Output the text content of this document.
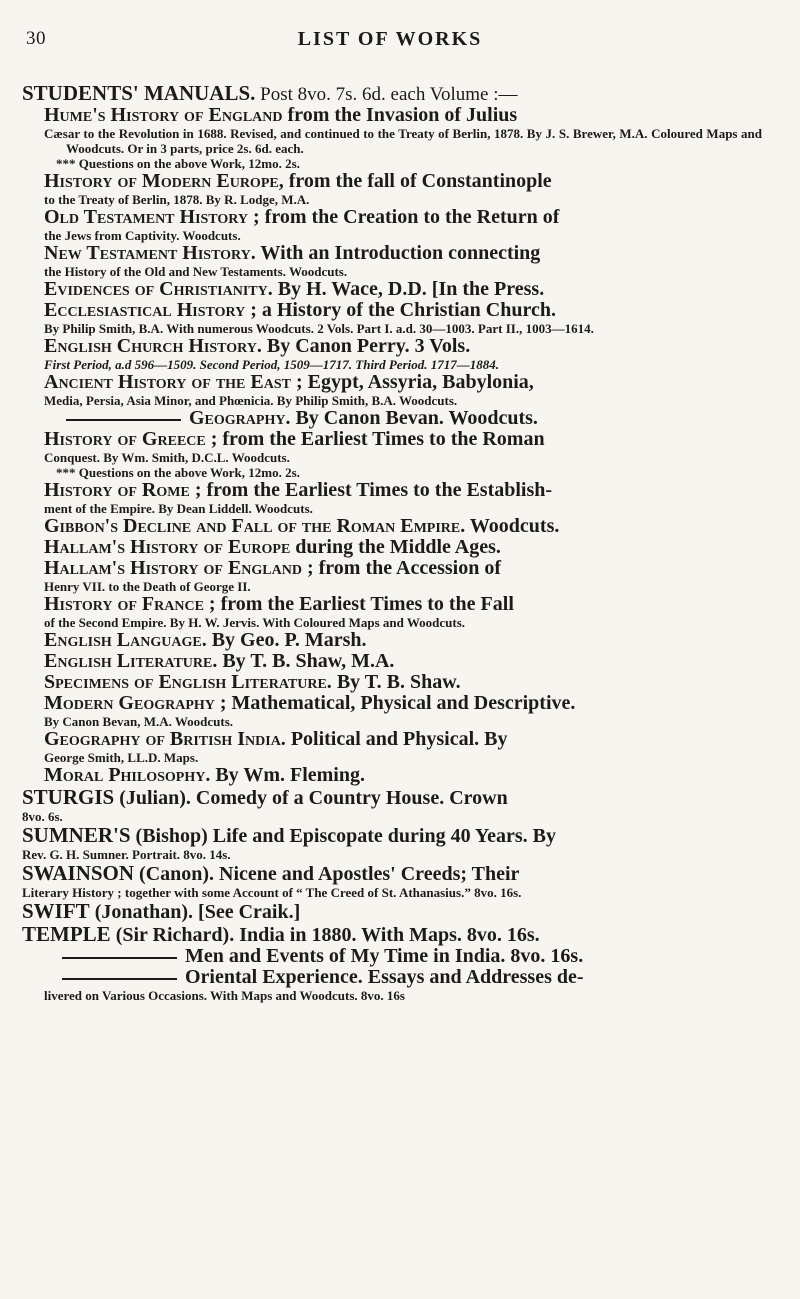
30	LIST OF WORKS

STUDENTS' MANUALS. Post 8vo. 7s. 6d. each Volume :—

Hume's History of England from the Invasion of Julius
Cæsar to the Revolution in 1688. Revised, and continued to the Treaty of Berlin, 1878. By J. S. Brewer, M.A. Coloured Maps and Woodcuts. Or in 3 parts, price 2s. 6d. each.
*** Questions on the above Work, 12mo. 2s.

History of Modern Europe, from the fall of Constantinople
to the Treaty of Berlin, 1878. By R. Lodge, M.A.

Old Testament History ; from the Creation to the Return of
the Jews from Captivity. Woodcuts.

New Testament History. With an Introduction connecting
the History of the Old and New Testaments. Woodcuts.

Evidences of Christianity. By H. Wace, D.D. [In the Press.

Ecclesiastical History ; a History of the Christian Church.
By Philip Smith, B.A. With numerous Woodcuts. 2 Vols. Part I. a.d. 30—1003. Part II., 1003—1614.

English Church History. By Canon Perry. 3 Vols.
First Period, a.d 596—1509. Second Period, 1509—1717. Third Period. 1717—1884.

Ancient History of the East ; Egypt, Assyria, Babylonia,
Media, Persia, Asia Minor, and Phœnicia. By Philip Smith, B.A. Woodcuts.

Geography. By Canon Bevan. Woodcuts.

History of Greece ; from the Earliest Times to the Roman
Conquest. By Wm. Smith, D.C.L. Woodcuts.
*** Questions on the above Work, 12mo. 2s.

History of Rome ; from the Earliest Times to the Establish-
ment of the Empire. By Dean Liddell. Woodcuts.

Gibbon's Decline and Fall of the Roman Empire. Woodcuts.

Hallam's History of Europe during the Middle Ages.

Hallam's History of England ; from the Accession of
Henry VII. to the Death of George II.

History of France ; from the Earliest Times to the Fall
of the Second Empire. By H. W. Jervis. With Coloured Maps and Woodcuts.

English Language. By Geo. P. Marsh.

English Literature. By T. B. Shaw, M.A.

Specimens of English Literature. By T. B. Shaw.

Modern Geography ; Mathematical, Physical and Descriptive.
By Canon Bevan, M.A. Woodcuts.

Geography of British India. Political and Physical. By
George Smith, LL.D. Maps.

Moral Philosophy. By Wm. Fleming.

STURGIS (Julian). Comedy of a Country House. Crown
8vo. 6s.

SUMNER'S (Bishop) Life and Episcopate during 40 Years. By
Rev. G. H. Sumner. Portrait. 8vo. 14s.

SWAINSON (Canon). Nicene and Apostles' Creeds; Their
Literary History ; together with some Account of “ The Creed of St. Athanasius.” 8vo. 16s.

SWIFT (Jonathan). [See Craik.]

TEMPLE (Sir Richard). India in 1880. With Maps. 8vo. 16s.

Men and Events of My Time in India. 8vo. 16s.

Oriental Experience. Essays and Addresses de-
livered on Various Occasions. With Maps and Woodcuts. 8vo. 16s
